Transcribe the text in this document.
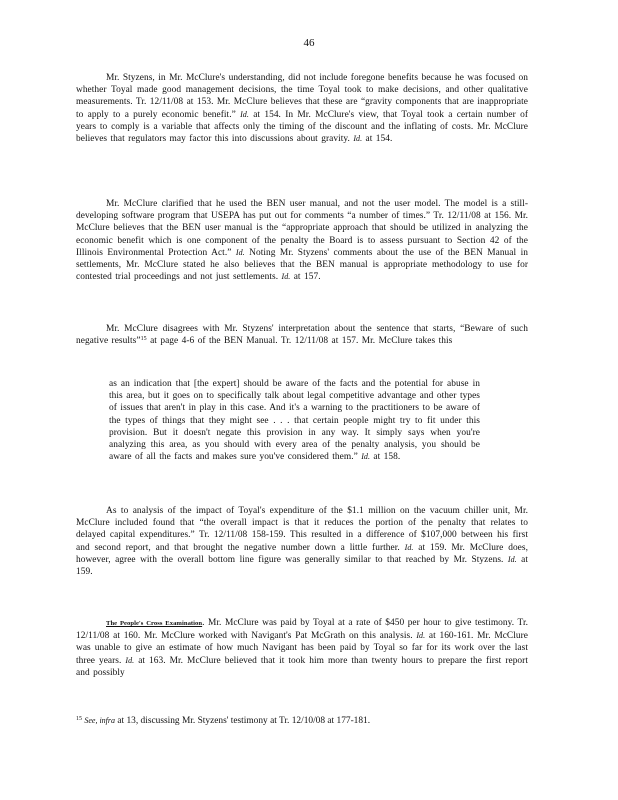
46

Mr. Styzens, in Mr. McClure's understanding, did not include foregone benefits because he was focused on whether Toyal made good management decisions, the time Toyal took to make decisions, and other qualitative measurements. Tr. 12/11/08 at 153. Mr. McClure believes that these are “gravity components that are inappropriate to apply to a purely economic benefit.” Id. at 154. In Mr. McClure's view, that Toyal took a certain number of years to comply is a variable that affects only the timing of the discount and the inflating of costs. Mr. McClure believes that regulators may factor this into discussions about gravity. Id. at 154.

Mr. McClure clarified that he used the BEN user manual, and not the user model. The model is a still-developing software program that USEPA has put out for comments “a number of times.” Tr. 12/11/08 at 156. Mr. McClure believes that the BEN user manual is the “appropriate approach that should be utilized in analyzing the economic benefit which is one component of the penalty the Board is to assess pursuant to Section 42 of the Illinois Environmental Protection Act.” Id. Noting Mr. Styzens' comments about the use of the BEN Manual in settlements, Mr. McClure stated he also believes that the BEN manual is appropriate methodology to use for contested trial proceedings and not just settlements. Id. at 157.

Mr. McClure disagrees with Mr. Styzens' interpretation about the sentence that starts, “Beware of such negative results”$^{15}$ at page 4-6 of the BEN Manual. Tr. 12/11/08 at 157. Mr. McClure takes this

as an indication that [the expert] should be aware of the facts and the potential for abuse in this area, but it goes on to specifically talk about legal competitive advantage and other types of issues that aren't in play in this case. And it's a warning to the practitioners to be aware of the types of things that they might see . . . that certain people might try to fit under this provision. But it doesn't negate this provision in any way. It simply says when you're analyzing this area, as you should with every area of the penalty analysis, you should be aware of all the facts and makes sure you've considered them.” Id. at 158.

As to analysis of the impact of Toyal's expenditure of the $1.1 million on the vacuum chiller unit, Mr. McClure included found that “the overall impact is that it reduces the portion of the penalty that relates to delayed capital expenditures.” Tr. 12/11/08 158-159. This resulted in a difference of $107,000 between his first and second report, and that brought the negative number down a little further. Id. at 159. Mr. McClure does, however, agree with the overall bottom line figure was generally similar to that reached by Mr. Styzens. Id. at 159.

The People's Cross Examination. Mr. McClure was paid by Toyal at a rate of $450 per hour to give testimony. Tr. 12/11/08 at 160. Mr. McClure worked with Navigant's Pat McGrath on this analysis. Id. at 160-161. Mr. McClure was unable to give an estimate of how much Navigant has been paid by Toyal so far for its work over the last three years. Id. at 163. Mr. McClure believed that it took him more than twenty hours to prepare the first report and possibly

$^{15}$ See, infra at 13, discussing Mr. Styzens' testimony at Tr. 12/10/08 at 177-181.
